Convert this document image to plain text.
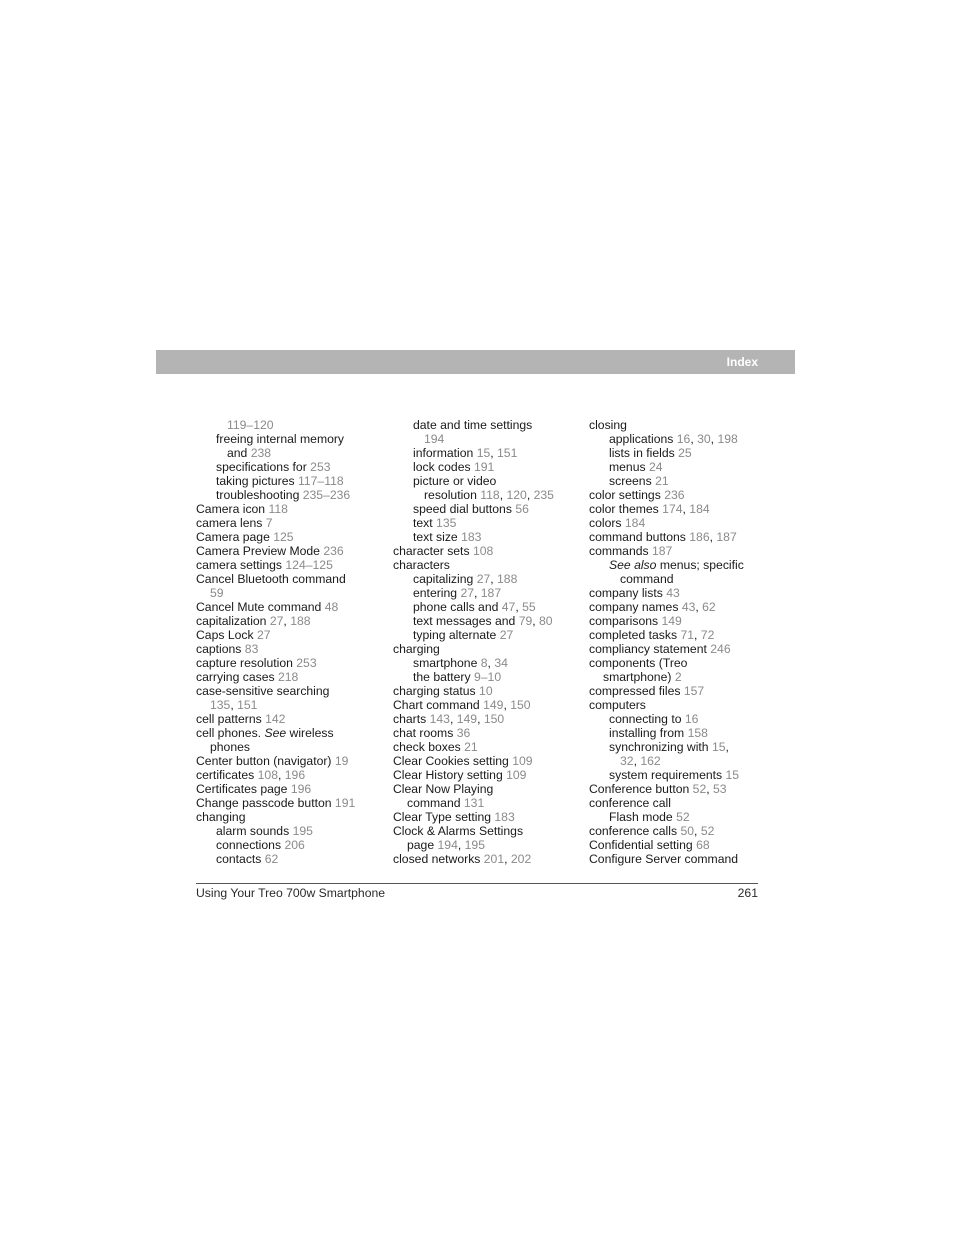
Index
119–120
freeing internal memory
and 238
specifications for 253
taking pictures 117–118
troubleshooting 235–236
Camera icon 118
camera lens 7
Camera page 125
Camera Preview Mode 236
camera settings 124–125
Cancel Bluetooth command
59
Cancel Mute command 48
capitalization 27, 188
Caps Lock 27
captions 83
capture resolution 253
carrying cases 218
case-sensitive searching
135, 151
cell patterns 142
cell phones. See wireless
phones
Center button (navigator) 19
certificates 108, 196
Certificates page 196
Change passcode button 191
changing
alarm sounds 195
connections 206
contacts 62
date and time settings
194
information 15, 151
lock codes 191
picture or video
resolution 118, 120, 235
speed dial buttons 56
text 135
text size 183
character sets 108
characters
capitalizing 27, 188
entering 27, 187
phone calls and 47, 55
text messages and 79, 80
typing alternate 27
charging
smartphone 8, 34
the battery 9–10
charging status 10
Chart command 149, 150
charts 143, 149, 150
chat rooms 36
check boxes 21
Clear Cookies setting 109
Clear History setting 109
Clear Now Playing
command 131
Clear Type setting 183
Clock & Alarms Settings
page 194, 195
closed networks 201, 202
closing
applications 16, 30, 198
lists in fields 25
menus 24
screens 21
color settings 236
color themes 174, 184
colors 184
command buttons 186, 187
commands 187
See also menus; specific
command
company lists 43
company names 43, 62
comparisons 149
completed tasks 71, 72
compliancy statement 246
components (Treo
smartphone) 2
compressed files 157
computers
connecting to 16
installing from 158
synchronizing with 15,
32, 162
system requirements 15
Conference button 52, 53
conference call
Flash mode 52
conference calls 50, 52
Confidential setting 68
Configure Server command
Using Your Treo 700w Smartphone	261
